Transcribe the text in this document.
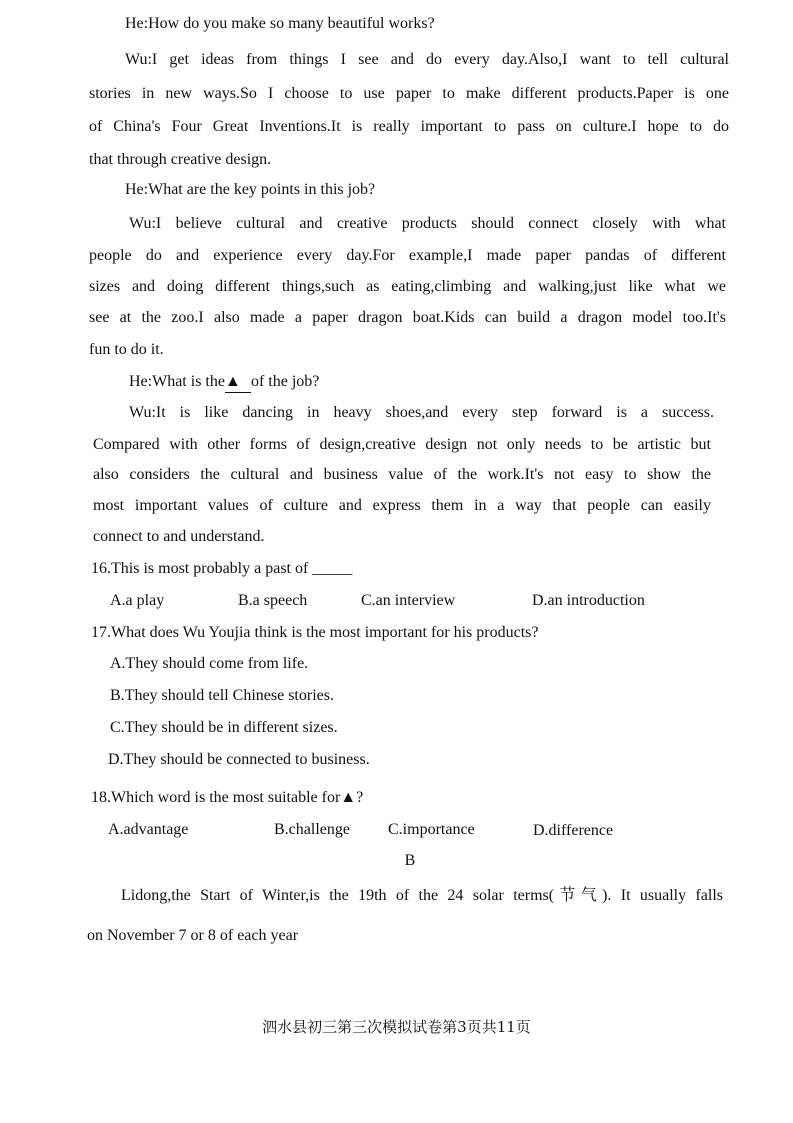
He:How do you make so many beautiful works?
Wu:I get ideas from things I see and do every day.Also,I want to tell cultural
stories in new ways.So I choose to use paper to make different products.Paper is one
of China's Four Great Inventions.It is really important to pass on culture.I hope to do
that through creative design.
He:What are the key points in this job?
Wu:I believe cultural and creative products should connect closely with what
people do and experience every day.For example,I made paper pandas of different
sizes and doing different things,such as eating,climbing and walking,just like what we
see at the zoo.I also made a paper dragon boat.Kids can build a dragon model too.It's
fun to do it.
He:What is the▲ of the job?
Wu:It is like dancing in heavy shoes,and every step forward is a success.
Compared with other forms of design,creative design not only needs to be artistic but
also considers the cultural and business value of the work.It's not easy to show the
most important values of culture and express them in a way that people can easily
connect to and understand.
16.This is most probably a past of _____
A.a play	B.a speech	C.an interview	D.an introduction
17.What does Wu Youjia think is the most important for his products?
A.They should come from life.
B.They should tell Chinese stories.
C.They should be in different sizes.
D.They should be connected to business.
18.Which word is the most suitable for▲?
A.advantage	B.challenge C.importance	D.difference
B
Lidong,the Start of Winter,is the 19th of the 24 solar terms(节气). It usually falls
on November 7 or 8 of each year
泗水县初三第三次模拟试卷第3页共11页
